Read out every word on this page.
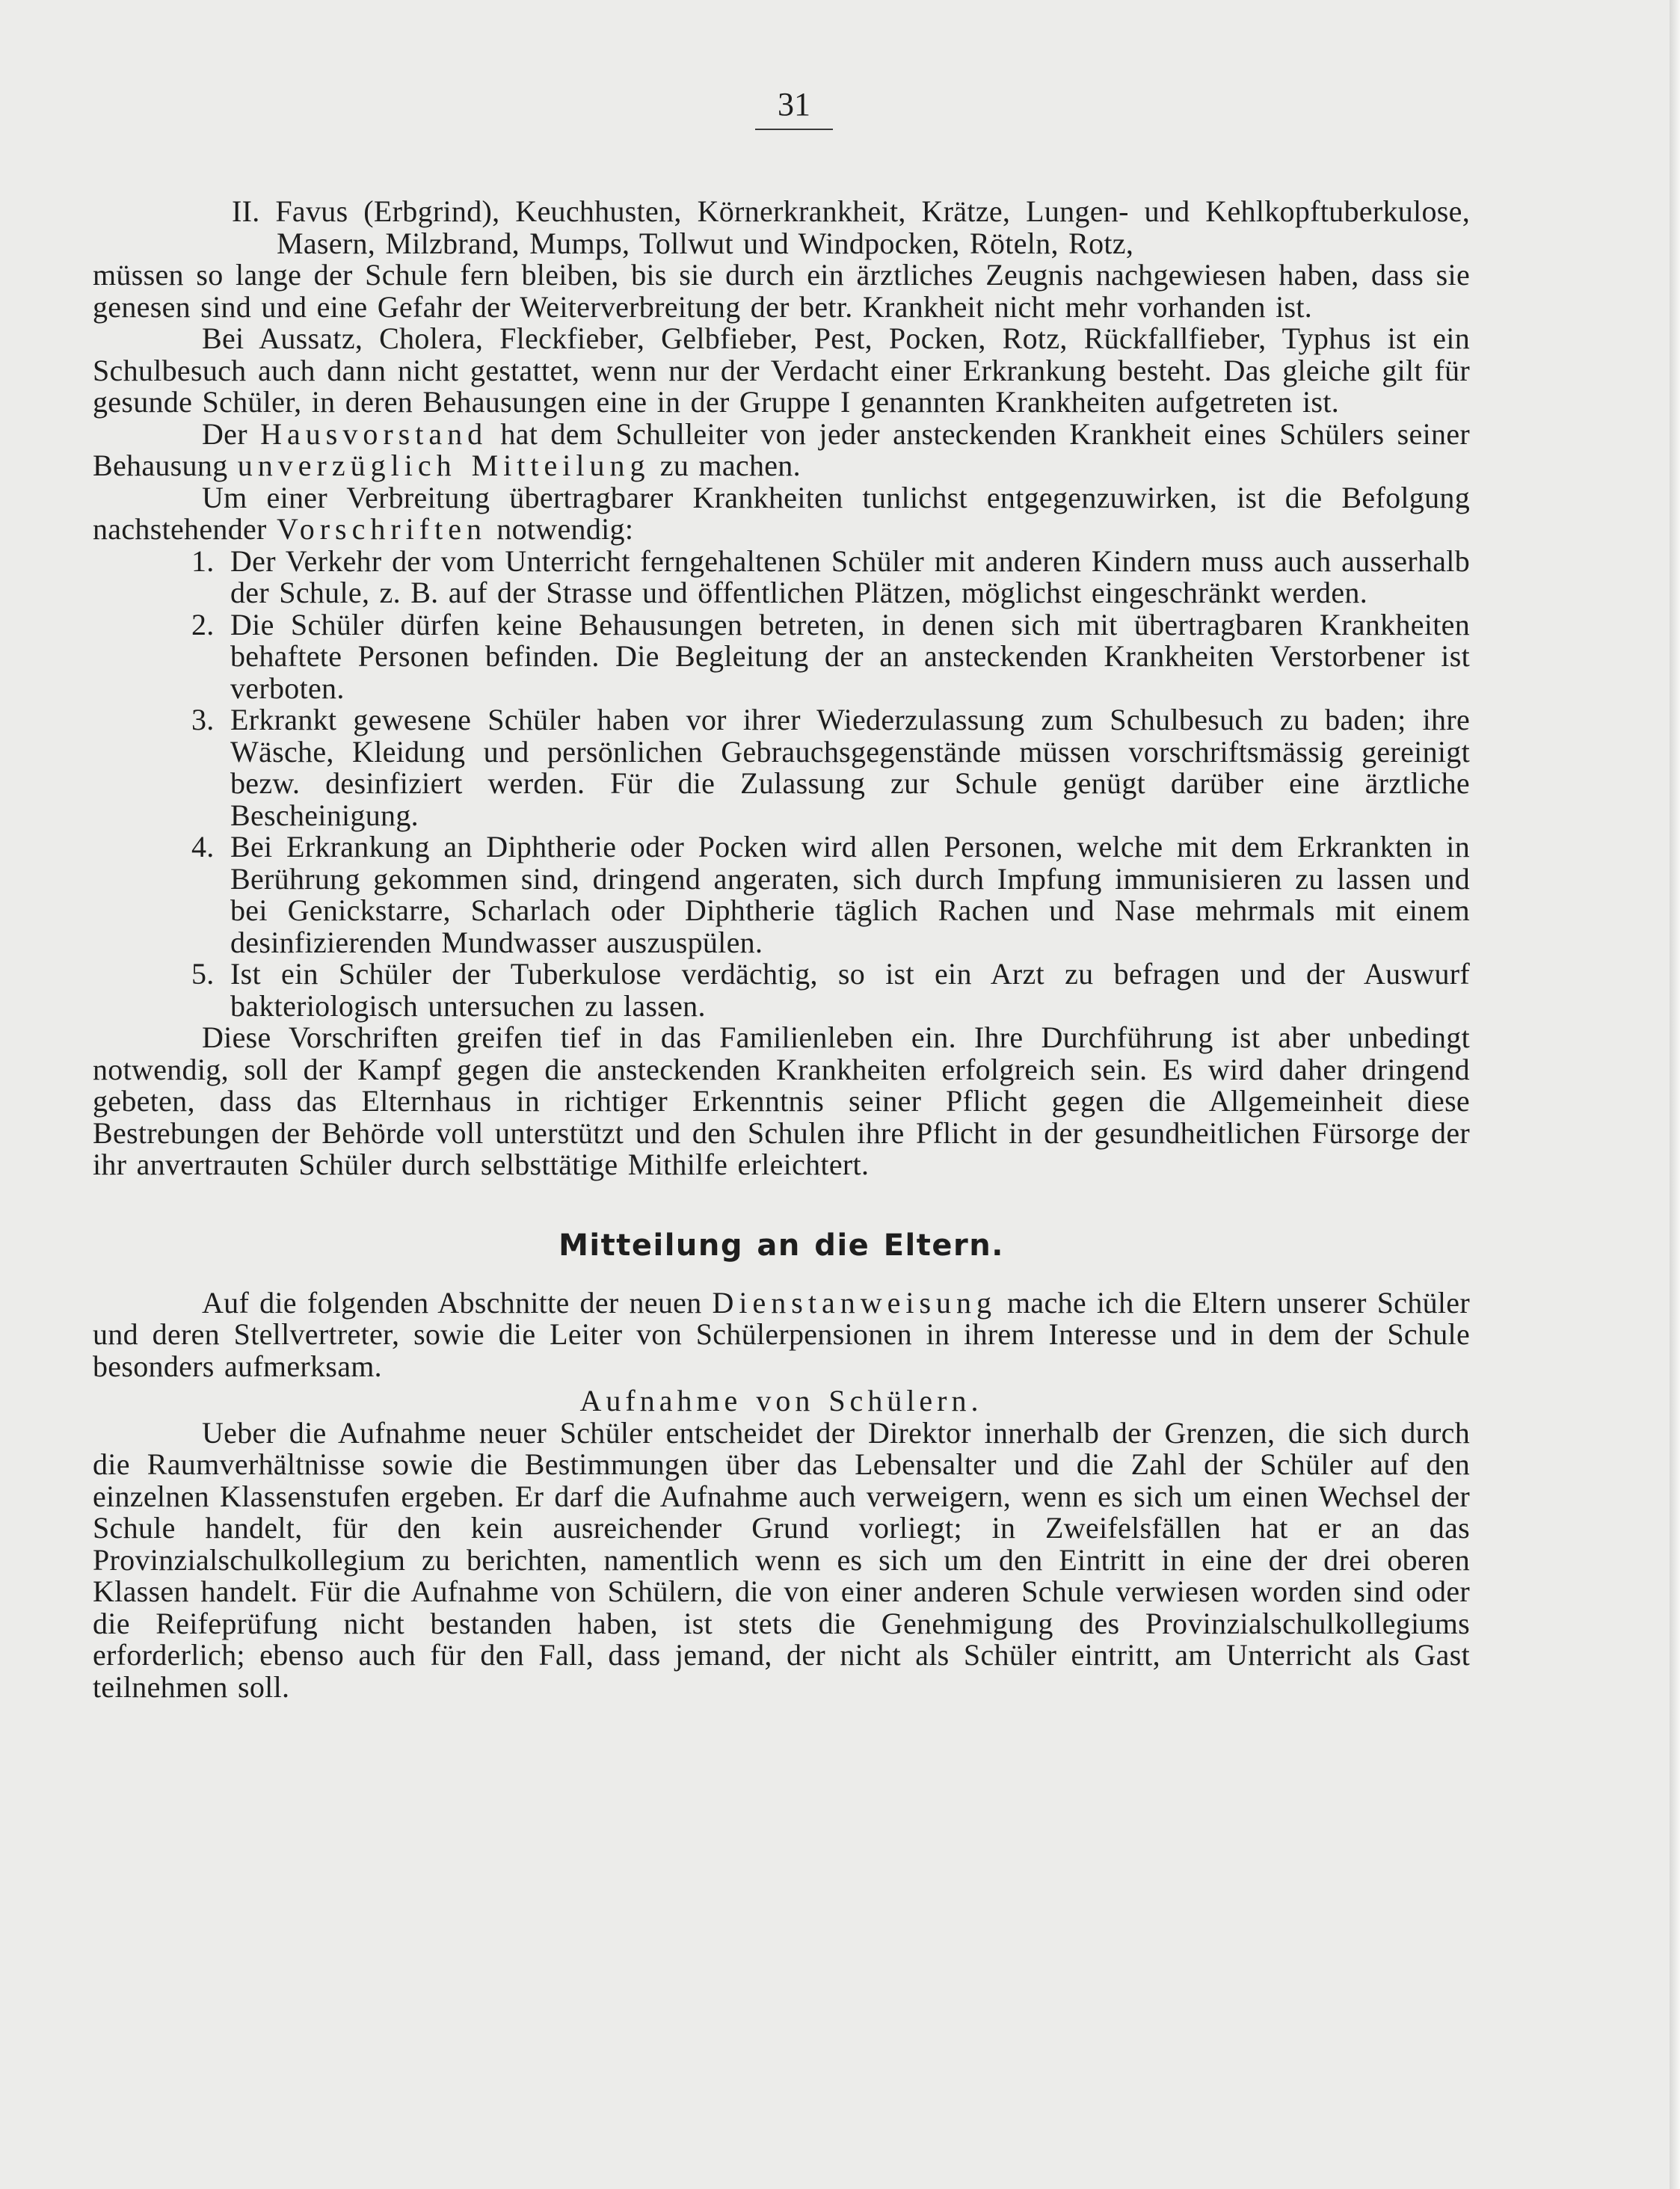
31

II. Favus (Erbgrind), Keuchhusten, Körnerkrankheit, Krätze, Lungen- und Kehlkopftuberkulose, Masern, Milzbrand, Mumps, Tollwut und Windpocken, Röteln, Rotz,

müssen so lange der Schule fern bleiben, bis sie durch ein ärztliches Zeugnis nachgewiesen haben, dass sie genesen sind und eine Gefahr der Weiterverbreitung der betr. Krankheit nicht mehr vorhanden ist.

Bei Aussatz, Cholera, Fleckfieber, Gelbfieber, Pest, Pocken, Rotz, Rückfallfieber, Typhus ist ein Schulbesuch auch dann nicht gestattet, wenn nur der Verdacht einer Erkrankung besteht. Das gleiche gilt für gesunde Schüler, in deren Behausungen eine in der Gruppe I genannten Krankheiten aufgetreten ist.

Der Hausvorstand hat dem Schulleiter von jeder ansteckenden Krankheit eines Schülers seiner Behausung unverzüglich Mitteilung zu machen.

Um einer Verbreitung übertragbarer Krankheiten tunlichst entgegenzuwirken, ist die Befolgung nachstehender Vorschriften notwendig:

1. Der Verkehr der vom Unterricht ferngehaltenen Schüler mit anderen Kindern muss auch ausserhalb der Schule, z. B. auf der Strasse und öffentlichen Plätzen, möglichst eingeschränkt werden.

2. Die Schüler dürfen keine Behausungen betreten, in denen sich mit übertragbaren Krankheiten behaftete Personen befinden. Die Begleitung der an ansteckenden Krankheiten Verstorbener ist verboten.

3. Erkrankt gewesene Schüler haben vor ihrer Wiederzulassung zum Schulbesuch zu baden; ihre Wäsche, Kleidung und persönlichen Gebrauchsgegenstände müssen vorschriftsmässig gereinigt bezw. desinfiziert werden. Für die Zulassung zur Schule genügt darüber eine ärztliche Bescheinigung.

4. Bei Erkrankung an Diphtherie oder Pocken wird allen Personen, welche mit dem Erkrankten in Berührung gekommen sind, dringend angeraten, sich durch Impfung immunisieren zu lassen und bei Genickstarre, Scharlach oder Diphtherie täglich Rachen und Nase mehrmals mit einem desinfizierenden Mundwasser auszuspülen.

5. Ist ein Schüler der Tuberkulose verdächtig, so ist ein Arzt zu befragen und der Auswurf bakteriologisch untersuchen zu lassen.

Diese Vorschriften greifen tief in das Familienleben ein. Ihre Durchführung ist aber unbedingt notwendig, soll der Kampf gegen die ansteckenden Krankheiten erfolgreich sein. Es wird daher dringend gebeten, dass das Elternhaus in richtiger Erkenntnis seiner Pflicht gegen die Allgemeinheit diese Bestrebungen der Behörde voll unterstützt und den Schulen ihre Pflicht in der gesundheitlichen Fürsorge der ihr anvertrauten Schüler durch selbsttätige Mithilfe erleichtert.

Mitteilung an die Eltern.

Auf die folgenden Abschnitte der neuen Dienstanweisung mache ich die Eltern unserer Schüler und deren Stellvertreter, sowie die Leiter von Schülerpensionen in ihrem Interesse und in dem der Schule besonders aufmerksam.

Aufnahme von Schülern.

Ueber die Aufnahme neuer Schüler entscheidet der Direktor innerhalb der Grenzen, die sich durch die Raumverhältnisse sowie die Bestimmungen über das Lebensalter und die Zahl der Schüler auf den einzelnen Klassenstufen ergeben. Er darf die Aufnahme auch verweigern, wenn es sich um einen Wechsel der Schule handelt, für den kein ausreichender Grund vorliegt; in Zweifelsfällen hat er an das Provinzialschulkollegium zu berichten, namentlich wenn es sich um den Eintritt in eine der drei oberen Klassen handelt. Für die Aufnahme von Schülern, die von einer anderen Schule verwiesen worden sind oder die Reifeprüfung nicht bestanden haben, ist stets die Genehmigung des Provinzialschulkollegiums erforderlich; ebenso auch für den Fall, dass jemand, der nicht als Schüler eintritt, am Unterricht als Gast teilnehmen soll.
